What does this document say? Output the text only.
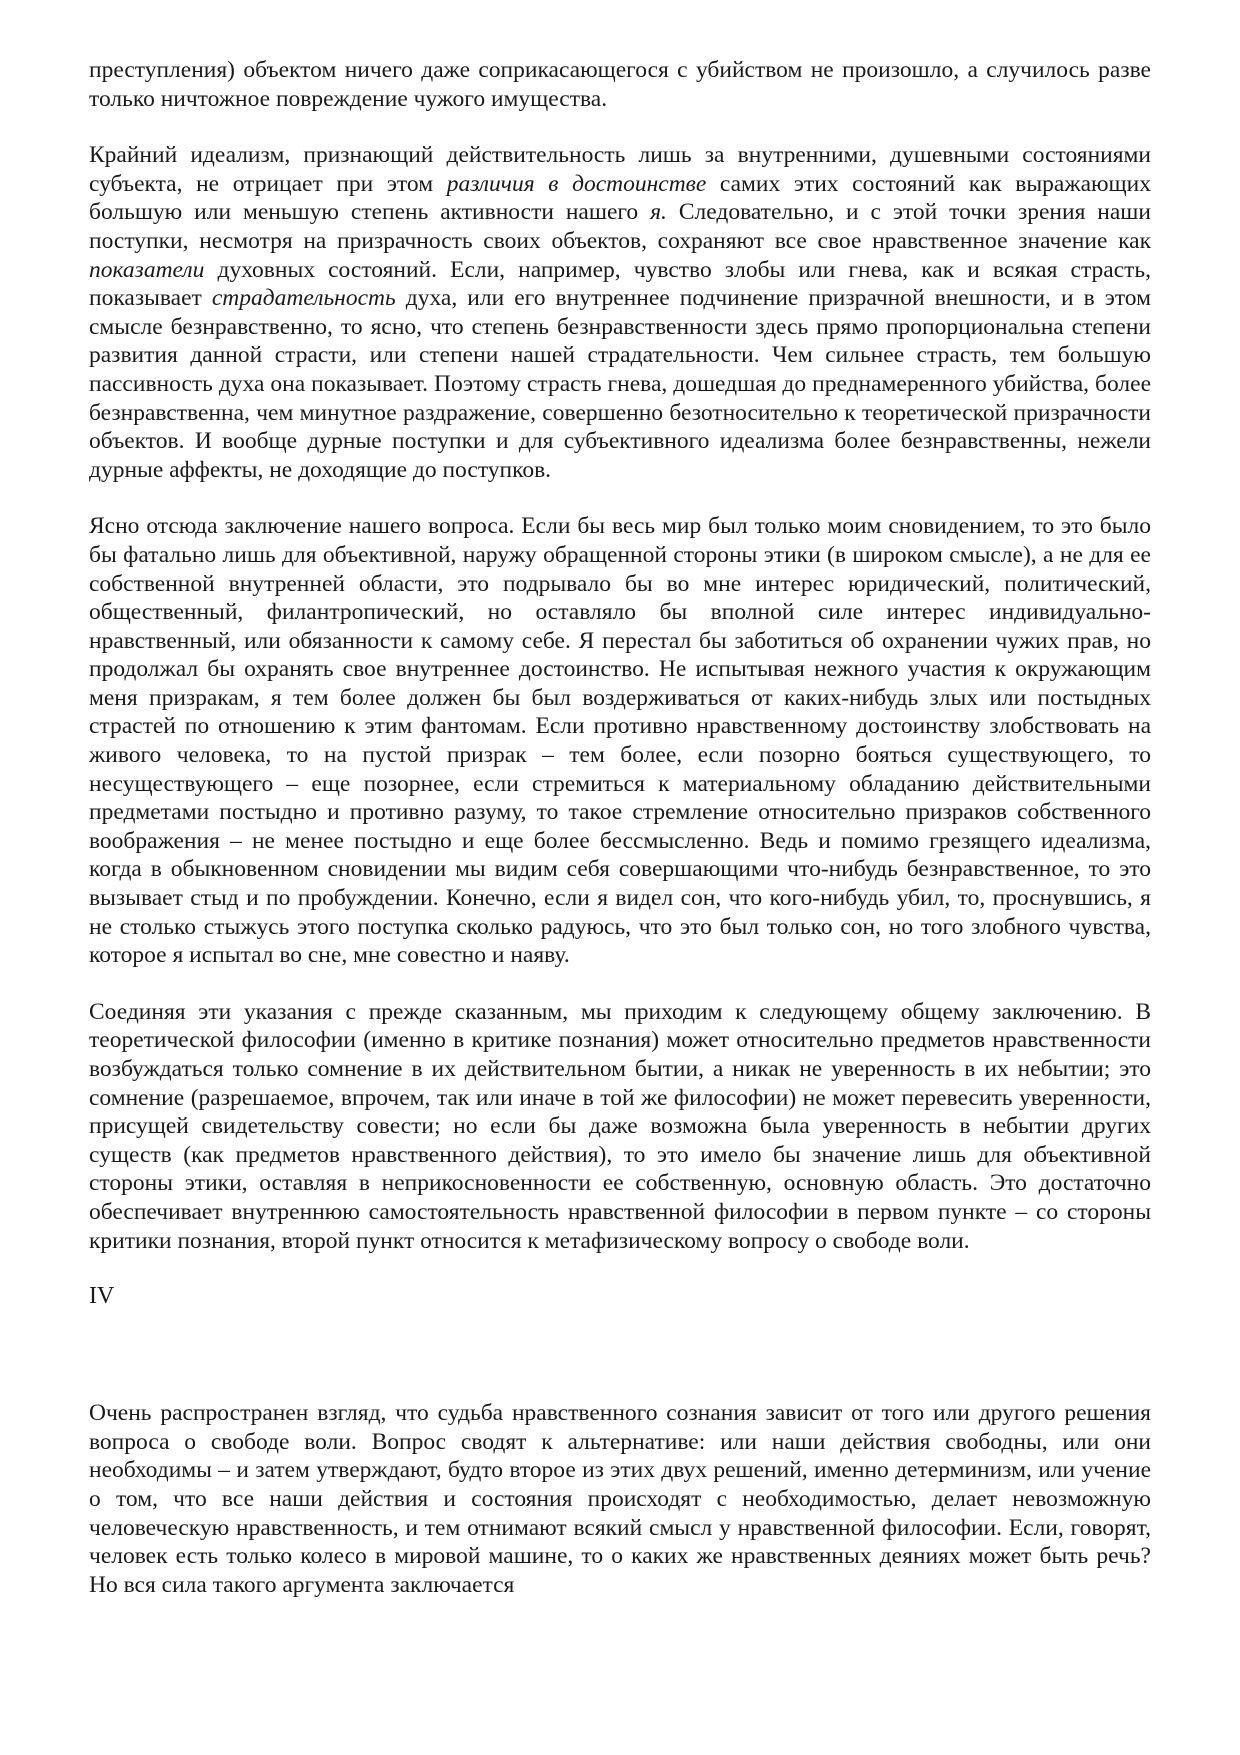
преступления) объектом ничего даже соприкасающегося с убийством не произошло, а случилось разве только ничтожное повреждение чужого имущества.

Крайний идеализм, признающий действительность лишь за внутренними, душевными состояниями субъекта, не отрицает при этом различия в достоинстве самих этих состояний как выражающих большую или меньшую степень активности нашего я. Следовательно, и с этой точки зрения наши поступки, несмотря на призрачность своих объектов, сохраняют все свое нравственное значение как показатели духовных состояний. Если, например, чувство злобы или гнева, как и всякая страсть, показывает страдательность духа, или его внутреннее подчинение призрачной внешности, и в этом смысле безнравственно, то ясно, что степень безнравственности здесь прямо пропорциональна степени развития данной страсти, или степени нашей страдательности. Чем сильнее страсть, тем большую пассивность духа она показывает. Поэтому страсть гнева, дошедшая до преднамеренного убийства, более безнравственна, чем минутное раздражение, совершенно безотносительно к теоретической призрачности объектов. И вообще дурные поступки и для субъективного идеализма более безнравственны, нежели дурные аффекты, не доходящие до поступков.

Ясно отсюда заключение нашего вопроса. Если бы весь мир был только моим сновидением, то это было бы фатально лишь для объективной, наружу обращенной стороны этики (в широком смысле), а не для ее собственной внутренней области, это подрывало бы во мне интерес юридический, политический, общественный, филантропический, но оставляло бы вполной силе интерес индивидуально-нравственный, или обязанности к самому себе. Я перестал бы заботиться об охранении чужих прав, но продолжал бы охранять свое внутреннее достоинство. Не испытывая нежного участия к окружающим меня призракам, я тем более должен бы был воздерживаться от каких-нибудь злых или постыдных страстей по отношению к этим фантомам. Если противно нравственному достоинству злобствовать на живого человека, то на пустой призрак – тем более, если позорно бояться существующего, то несуществующего – еще позорнее, если стремиться к материальному обладанию действительными предметами постыдно и противно разуму, то такое стремление относительно призраков собственного воображения – не менее постыдно и еще более бессмысленно. Ведь и помимо грезящего идеализма, когда в обыкновенном сновидении мы видим себя совершающими что-нибудь безнравственное, то это вызывает стыд и по пробуждении. Конечно, если я видел сон, что кого-нибудь убил, то, проснувшись, я не столько стыжусь этого поступка сколько радуюсь, что это был только сон, но того злобного чувства, которое я испытал во сне, мне совестно и наяву.

Соединяя эти указания с прежде сказанным, мы приходим к следующему общему заключению. В теоретической философии (именно в критике познания) может относительно предметов нравственности возбуждаться только сомнение в их действительном бытии, а никак не уверенность в их небытии; это сомнение (разрешаемое, впрочем, так или иначе в той же философии) не может перевесить уверенности, присущей свидетельству совести; но если бы даже возможна была уверенность в небытии других существ (как предметов нравственного действия), то это имело бы значение лишь для объективной стороны этики, оставляя в неприкосновенности ее собственную, основную область. Это достаточно обеспечивает внутреннюю самостоятельность нравственной философии в первом пункте – со стороны критики познания, второй пункт относится к метафизическому вопросу о свободе воли.

IV

Очень распространен взгляд, что судьба нравственного сознания зависит от того или другого решения вопроса о свободе воли. Вопрос сводят к альтернативе: или наши действия свободны, или они необходимы – и затем утверждают, будто второе из этих двух решений, именно детерминизм, или учение о том, что все наши действия и состояния происходят с необходимостью, делает невозможную человеческую нравственность, и тем отнимают всякий смысл у нравственной философии. Если, говорят, человек есть только колесо в мировой машине, то о каких же нравственных деяниях может быть речь? Но вся сила такого аргумента заключается
